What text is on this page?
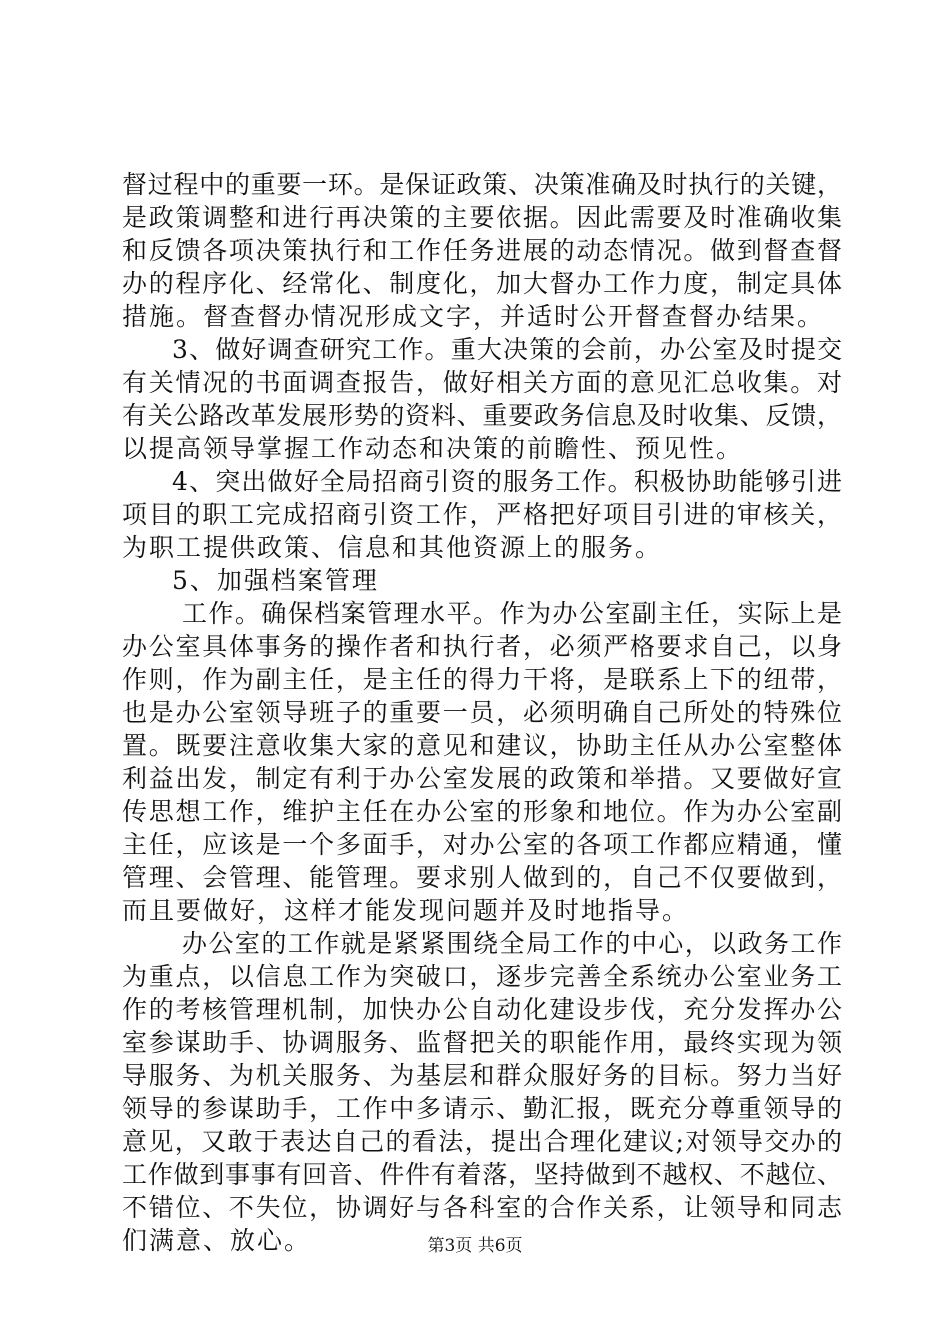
督过程中的重要一环。是保证政策、决策准确及时执行的关键，
是政策调整和进行再决策的主要依据。因此需要及时准确收集
和反馈各项决策执行和工作任务进展的动态情况。做到督查督
办的程序化、经常化、制度化，加大督办工作力度，制定具体
措施。督查督办情况形成文字，并适时公开督查督办结果。
3、做好调查研究工作。重大决策的会前，办公室及时提交
有关情况的书面调查报告，做好相关方面的意见汇总收集。对
有关公路改革发展形势的资料、重要政务信息及时收集、反馈，
以提高领导掌握工作动态和决策的前瞻性、预见性。
4、突出做好全局招商引资的服务工作。积极协助能够引进
项目的职工完成招商引资工作，严格把好项目引进的审核关，
为职工提供政策、信息和其他资源上的服务。
5、加强档案管理
工作。确保档案管理水平。作为办公室副主任，实际上是
办公室具体事务的操作者和执行者，必须严格要求自己，以身
作则，作为副主任，是主任的得力干将，是联系上下的纽带，
也是办公室领导班子的重要一员，必须明确自己所处的特殊位
置。既要注意收集大家的意见和建议，协助主任从办公室整体
利益出发，制定有利于办公室发展的政策和举措。又要做好宣
传思想工作，维护主任在办公室的形象和地位。作为办公室副
主任，应该是一个多面手，对办公室的各项工作都应精通，懂
管理、会管理、能管理。要求别人做到的，自己不仅要做到，
而且要做好，这样才能发现问题并及时地指导。
办公室的工作就是紧紧围绕全局工作的中心，以政务工作
为重点，以信息工作为突破口，逐步完善全系统办公室业务工
作的考核管理机制，加快办公自动化建设步伐，充分发挥办公
室参谋助手、协调服务、监督把关的职能作用，最终实现为领
导服务、为机关服务、为基层和群众服好务的目标。努力当好
领导的参谋助手，工作中多请示、勤汇报，既充分尊重领导的
意见，又敢于表达自己的看法，提出合理化建议;对领导交办的
工作做到事事有回音、件件有着落，坚持做到不越权、不越位、
不错位、不失位，协调好与各科室的合作关系，让领导和同志
们满意、放心。	第3页 共6页
